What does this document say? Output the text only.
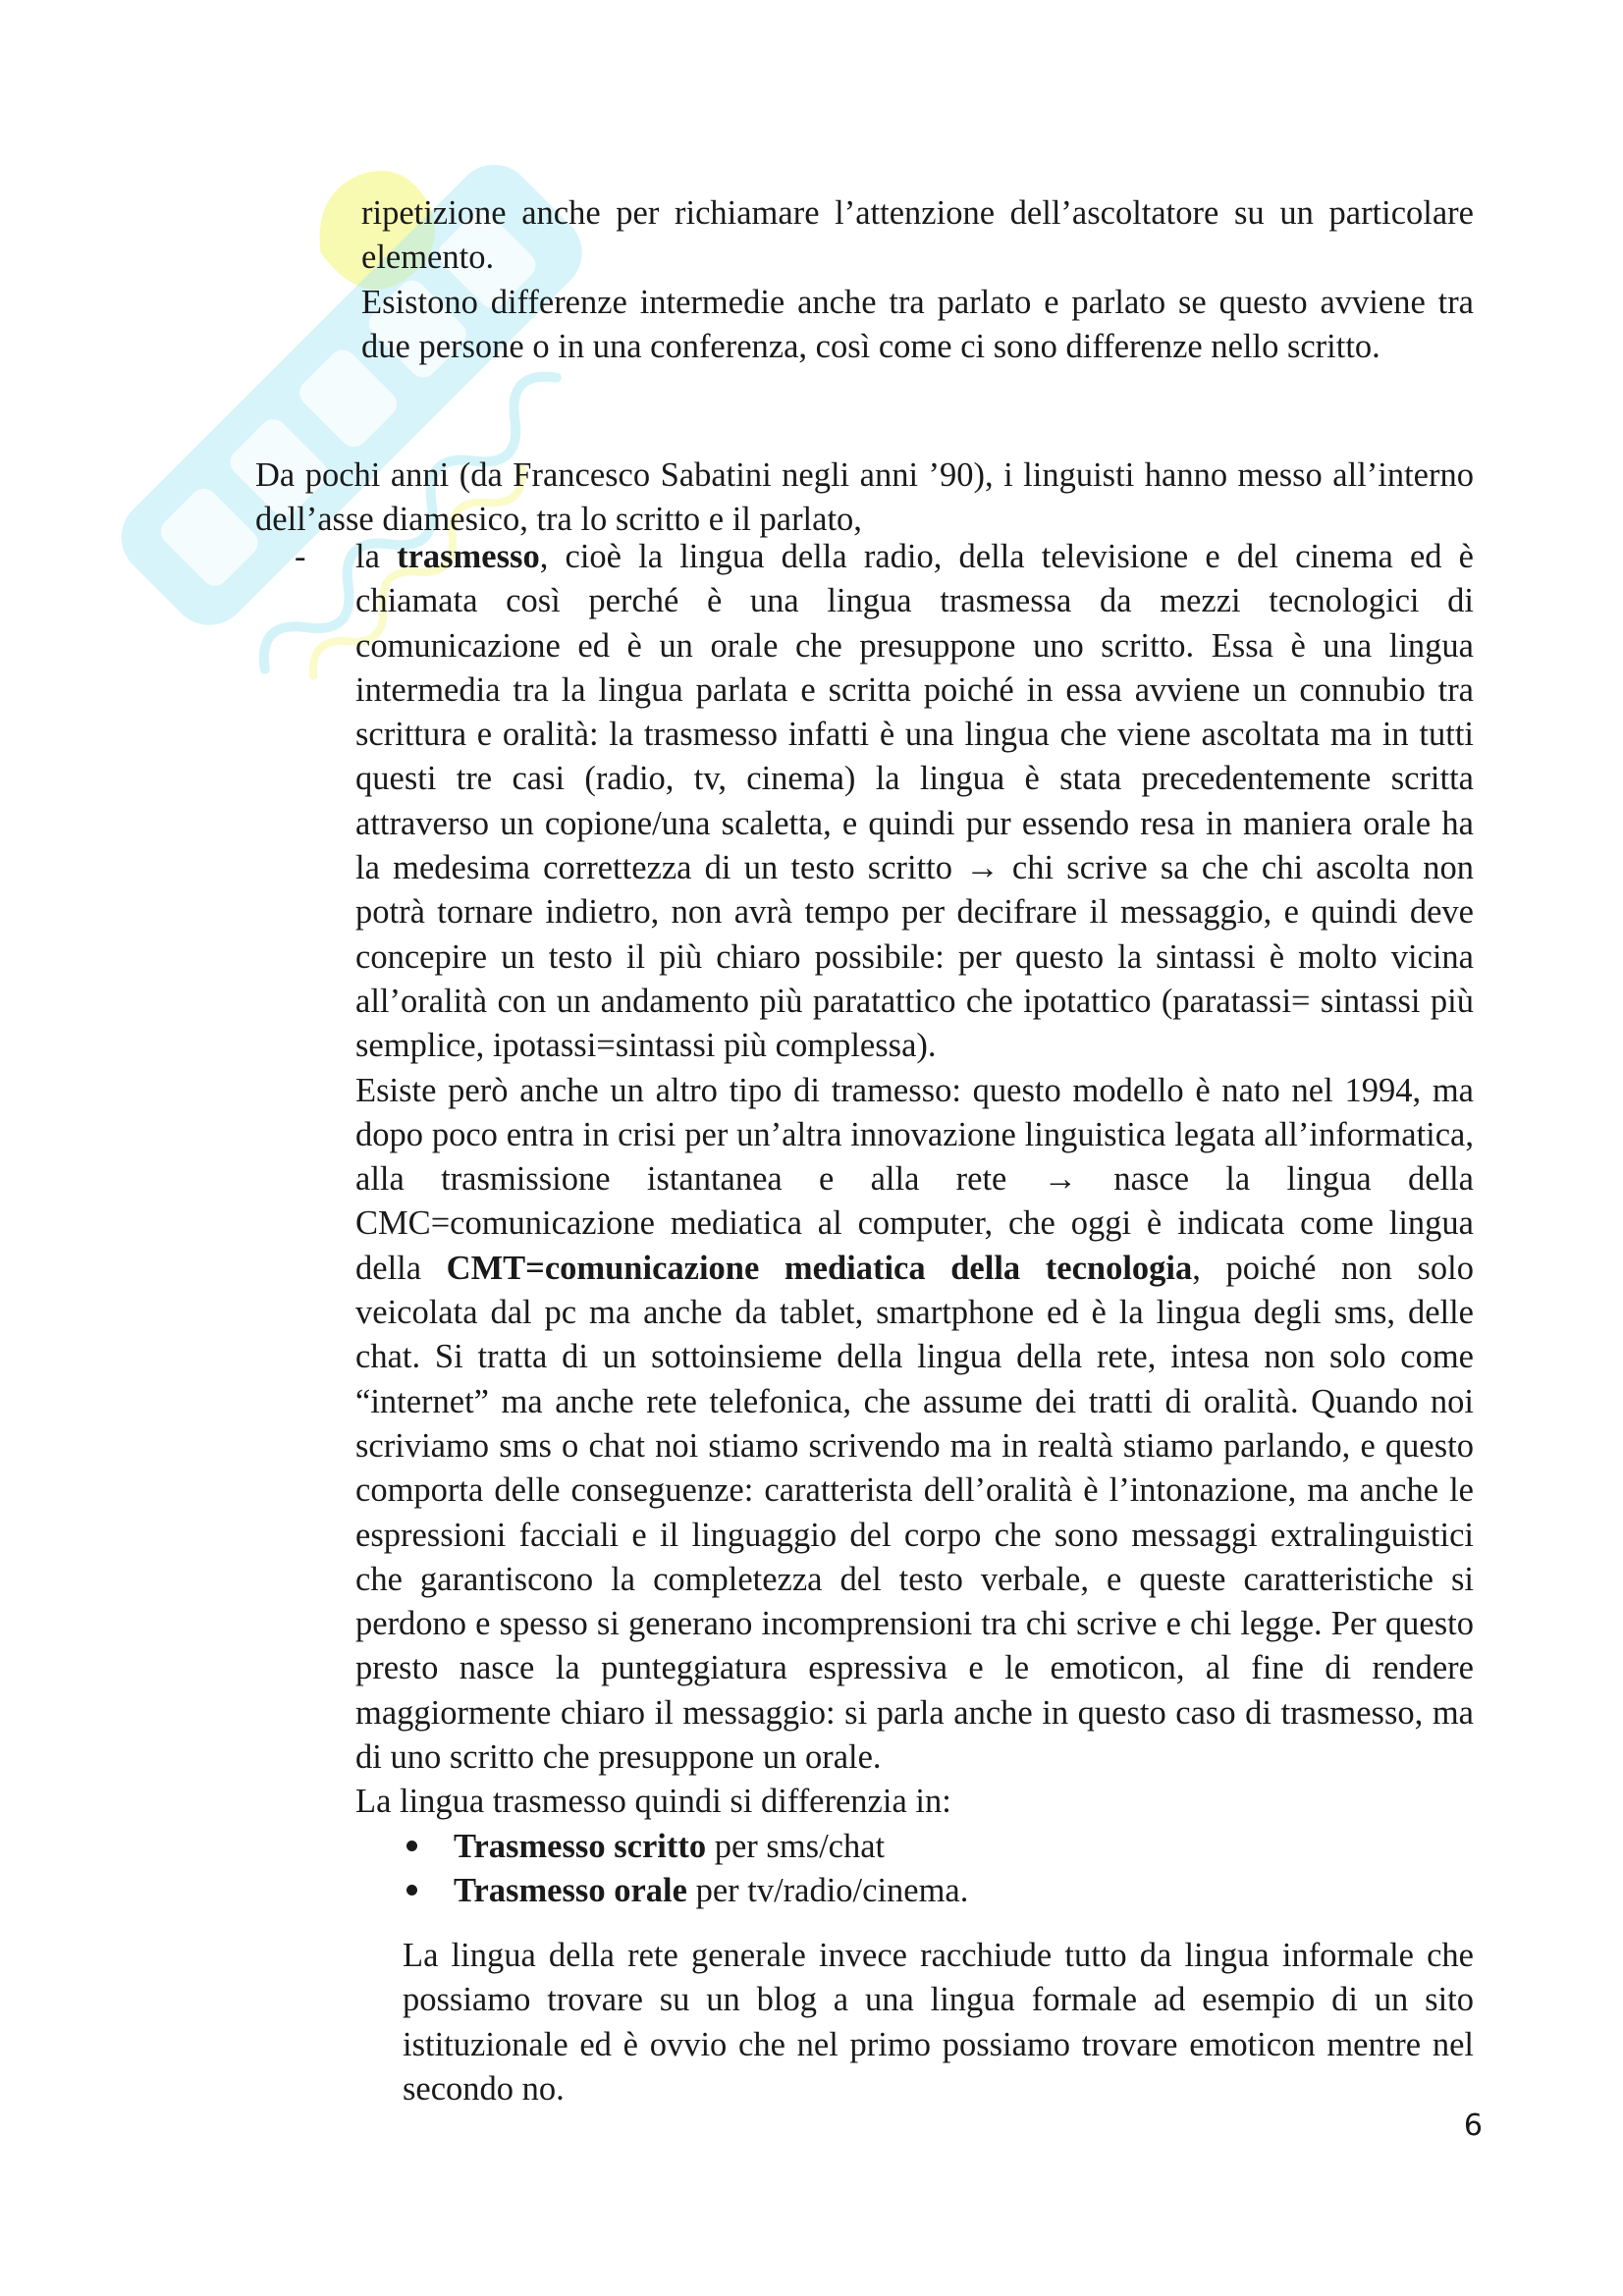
ripetizione anche per richiamare l’attenzione dell’ascoltatore su un particolare elemento.
Esistono differenze intermedie anche tra parlato e parlato se questo avviene tra due persone o in una conferenza, così come ci sono differenze nello scritto.
Da pochi anni (da Francesco Sabatini negli anni ’90), i linguisti hanno messo all’interno dell’asse diamesico, tra lo scritto e il parlato,
-	la trasmesso, cioè la lingua della radio, della televisione e del cinema ed è chiamata così perché è una lingua trasmessa da mezzi tecnologici di comunicazione ed è un orale che presuppone uno scritto. Essa è una lingua intermedia tra la lingua parlata e scritta poiché in essa avviene un connubio tra scrittura e oralità: la trasmesso infatti è una lingua che viene ascoltata ma in tutti questi tre casi (radio, tv, cinema) la lingua è stata precedentemente scritta attraverso un copione/una scaletta, e quindi pur essendo resa in maniera orale ha la medesima correttezza di un testo scritto → chi scrive sa che chi ascolta non potrà tornare indietro, non avrà tempo per decifrare il messaggio, e quindi deve concepire un testo il più chiaro possibile: per questo la sintassi è molto vicina all’oralità con un andamento più paratattico che ipotattico (paratassi= sintassi più semplice, ipotassi=sintassi più complessa).

Esiste però anche un altro tipo di tramesso: questo modello è nato nel 1994, ma dopo poco entra in crisi per un’altra innovazione linguistica legata all’informatica, alla trasmissione istantanea e alla rete → nasce la lingua della CMC=comunicazione mediatica al computer, che oggi è indicata come lingua della CMT=comunicazione mediatica della tecnologia, poiché non solo veicolata dal pc ma anche da tablet, smartphone ed è la lingua degli sms, delle chat. Si tratta di un sottoinsieme della lingua della rete, intesa non solo come “internet” ma anche rete telefonica, che assume dei tratti di oralità. Quando noi scriviamo sms o chat noi stiamo scrivendo ma in realtà stiamo parlando, e questo comporta delle conseguenze: caratterista dell’oralità è l’intonazione, ma anche le espressioni facciali e il linguaggio del corpo che sono messaggi extralinguistici che garantiscono la completezza del testo verbale, e queste caratteristiche si perdono e spesso si generano incomprensioni tra chi scrive e chi legge. Per questo presto nasce la punteggiatura espressiva e le emoticon, al fine di rendere maggiormente chiaro il messaggio: si parla anche in questo caso di trasmesso, ma di uno scritto che presuppone un orale.

La lingua trasmesso quindi si differenzia in:

Trasmesso scritto per sms/chat
Trasmesso orale per tv/radio/cinema.
La lingua della rete generale invece racchiude tutto da lingua informale che possiamo trovare su un blog a una lingua formale ad esempio di un sito istituzionale ed è ovvio che nel primo possiamo trovare emoticon mentre nel secondo no.
6
